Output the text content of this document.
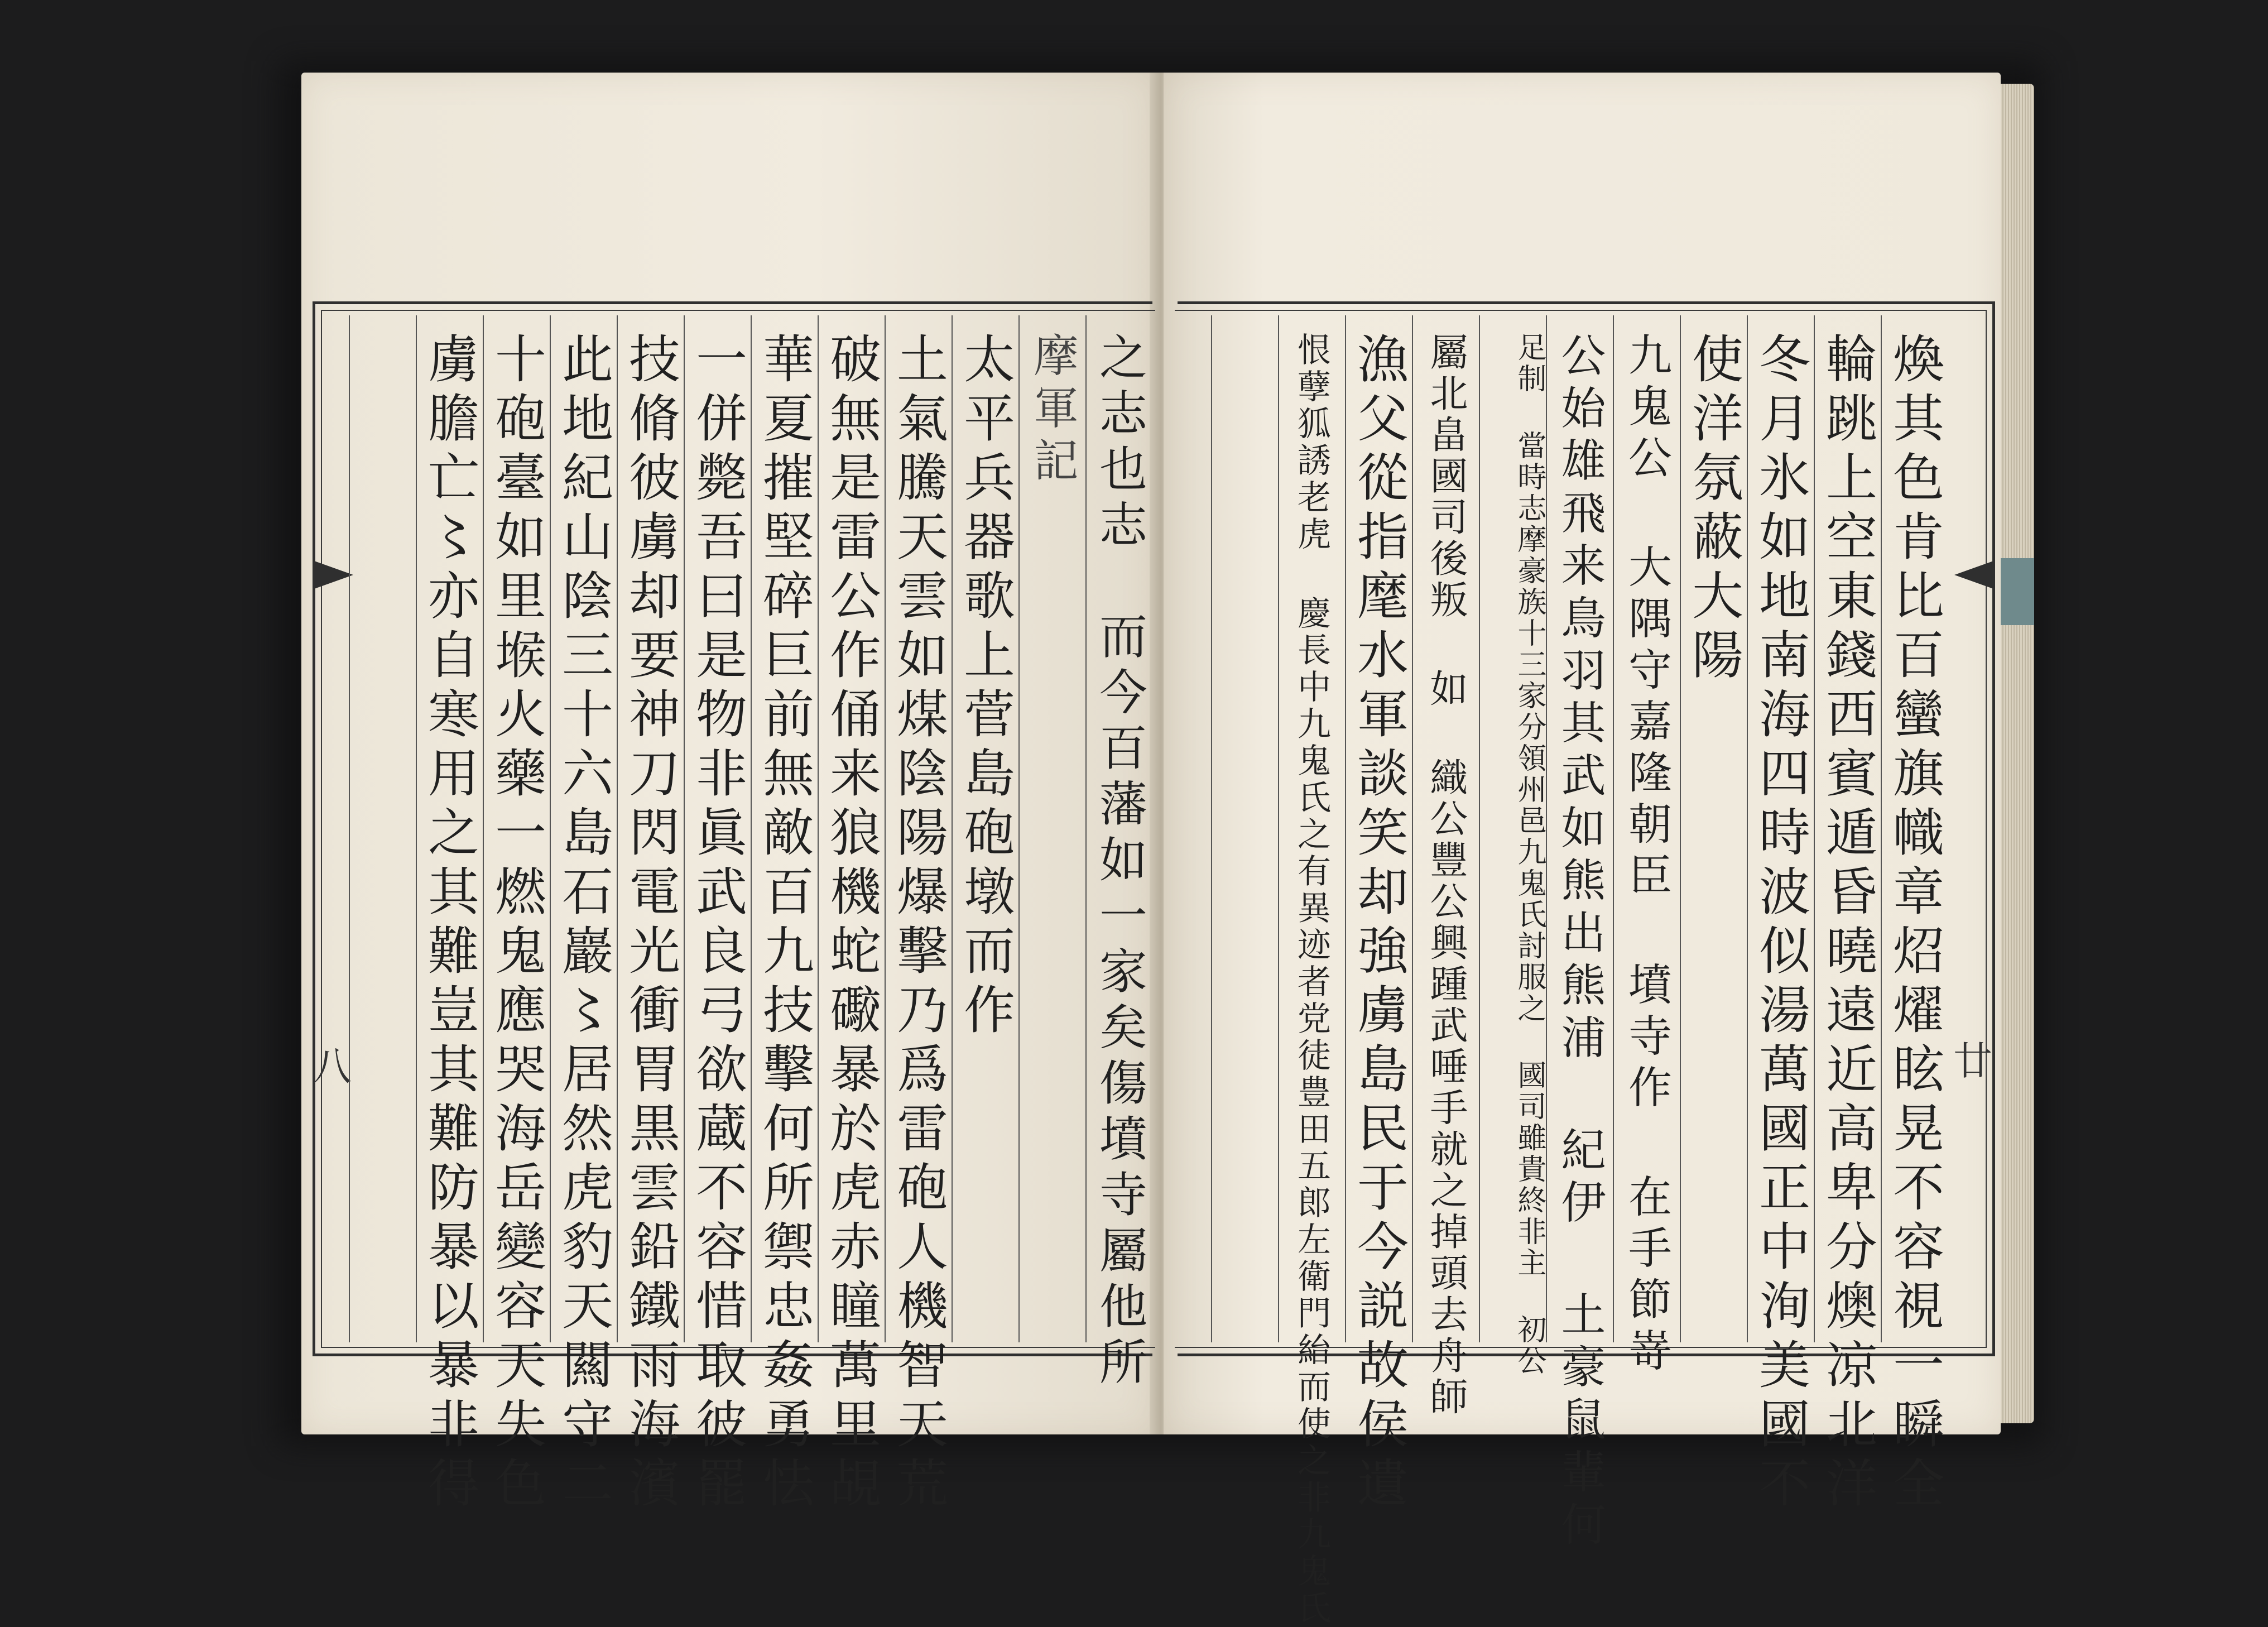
八	之志也志　而今百藩如一家矣傷墳寺屬他所
摩軍記
太平兵器歌上菅島砲墩而作
土氣騰天雲如煤陰陽爆擊乃爲雷砲人機智天荒
破無是雷公作俑来狼機蛇礮暴於虎赤瞳萬里覘
華夏摧堅碎巨前無敵百九技擊何所禦忠姦勇怯
一併斃吾曰是物非眞武良弓欲蔵不容惜取彼罷
技脩彼虜却要神刀閃電光衝胃黒雲鉛鐵雨海濱
此地紀山陰三十六島石巖〻居然虎豹天闗守二
十砲臺如里堠火藥一燃鬼應哭海岳變容天失色
虜膽亡〻亦自寒用之其難豈其難防暴以暴非得	廿
煥其色肯比百蠻旗幟章炤燿眩晃不容視一瞬全
輪跳上空東錢西賓遁昏曉遠近高卑分燠凉北洋
冬月氷如地南海四時波似湯萬國正中洵美國不
使洋氛蔽大陽
九鬼公 大隅守嘉隆朝臣 墳寺作 在手節嵜
公始雄飛来鳥羽其武如熊出熊浦 紀伊 土豪鼠輩何
足制 當時志摩豪族十三家分領州邑九鬼氏討服之 國司雖貴終非主 初公
屬北畠國司後叛 如 織公豐公興踵武唾手就之掉頭去舟師
漁父從指麾水軍談笑却強虜島民于今説故侯遺
恨孽狐誘老虎 慶長中九鬼氏之有異迹者党徒豊田五郎左衛門紿而使之非九鬼氏
